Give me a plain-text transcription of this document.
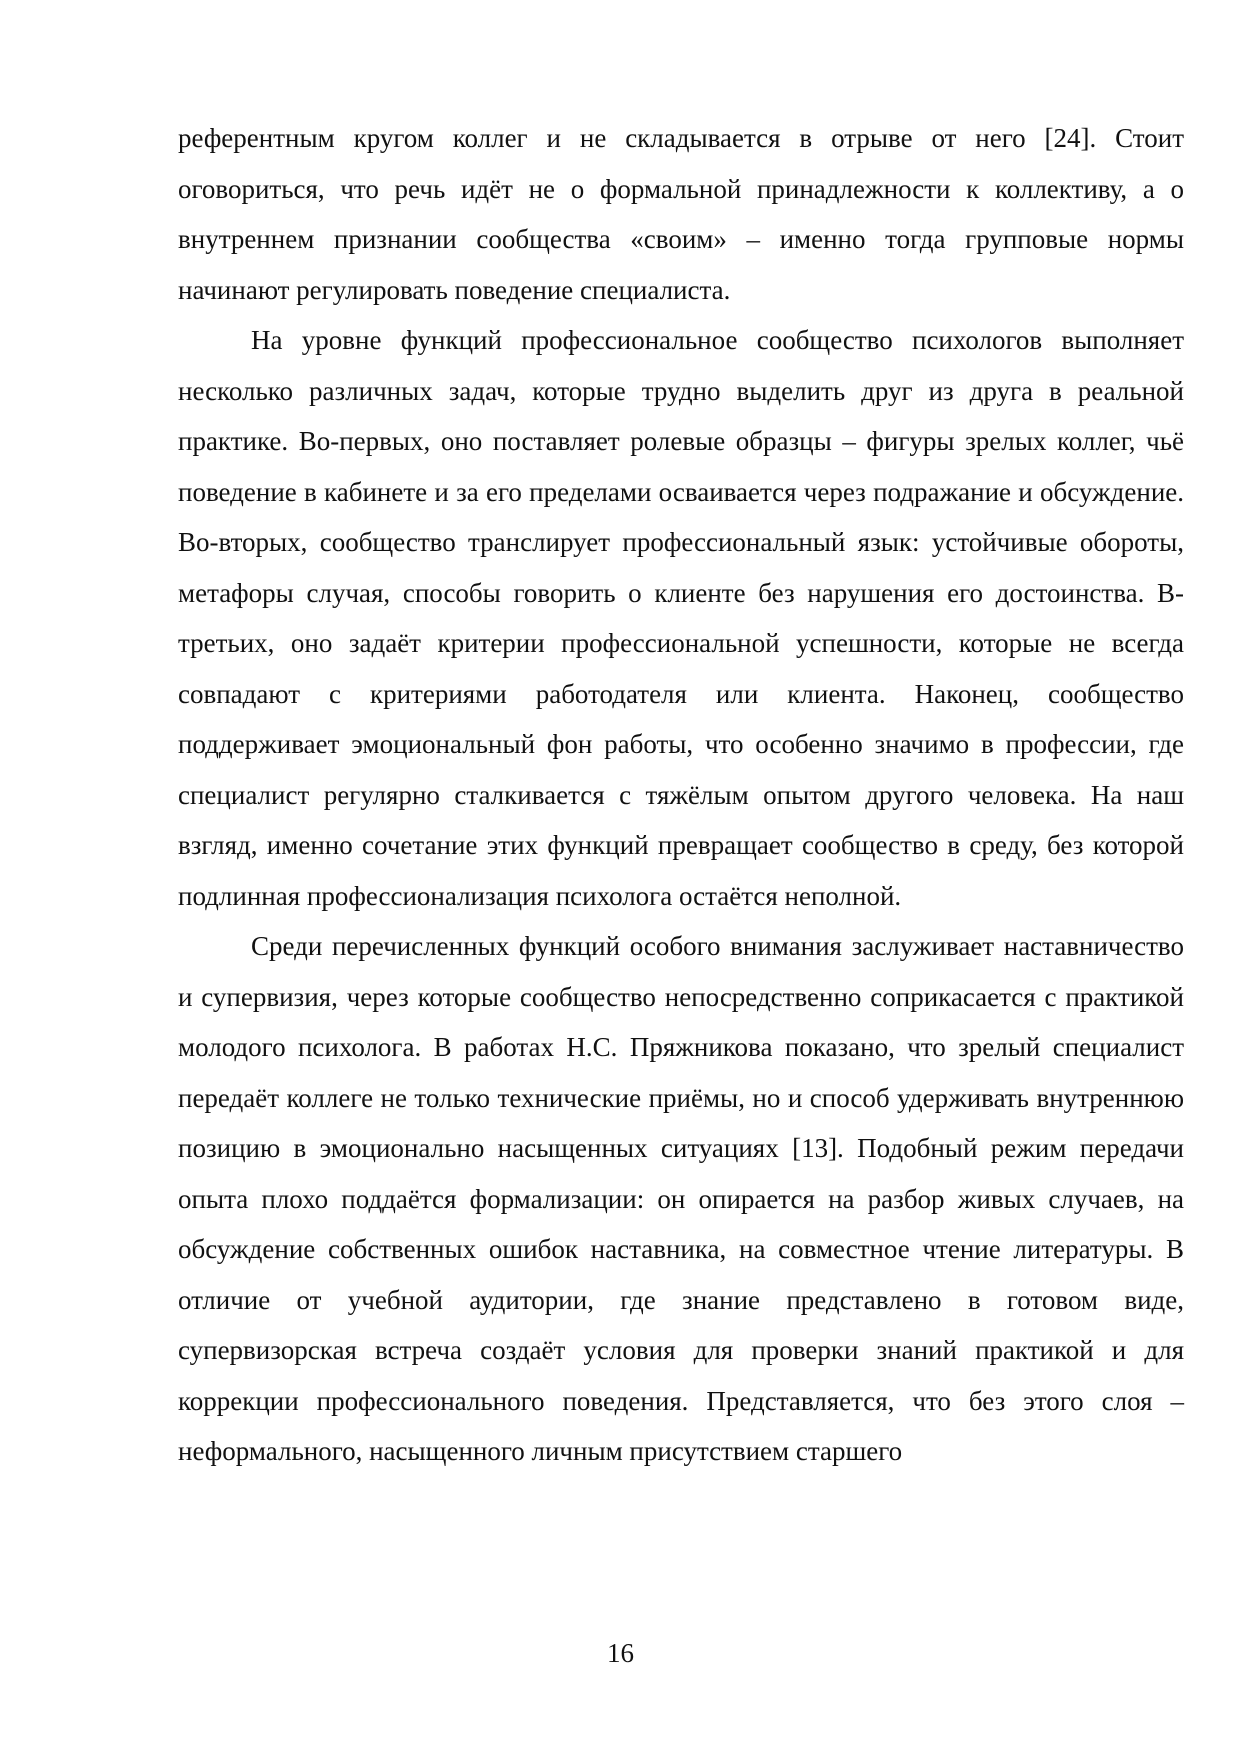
референтным кругом коллег и не складывается в отрыве от него [24]. Стоит оговориться, что речь идёт не о формальной принадлежности к коллективу, а о внутреннем признании сообщества «своим» – именно тогда групповые нормы начинают регулировать поведение специалиста.

На уровне функций профессиональное сообщество психологов выполняет несколько различных задач, которые трудно выделить друг из друга в реальной практике. Во-первых, оно поставляет ролевые образцы – фигуры зрелых коллег, чьё поведение в кабинете и за его пределами осваивается через подражание и обсуждение. Во-вторых, сообщество транслирует профессиональный язык: устойчивые обороты, метафоры случая, способы говорить о клиенте без нарушения его достоинства. В-третьих, оно задаёт критерии профессиональной успешности, которые не всегда совпадают с критериями работодателя или клиента. Наконец, сообщество поддерживает эмоциональный фон работы, что особенно значимо в профессии, где специалист регулярно сталкивается с тяжёлым опытом другого человека. На наш взгляд, именно сочетание этих функций превращает сообщество в среду, без которой подлинная профессионализация психолога остаётся неполной.

Среди перечисленных функций особого внимания заслуживает наставничество и супервизия, через которые сообщество непосредственно соприкасается с практикой молодого психолога. В работах Н.С. Пряжникова показано, что зрелый специалист передаёт коллеге не только технические приёмы, но и способ удерживать внутреннюю позицию в эмоционально насыщенных ситуациях [13]. Подобный режим передачи опыта плохо поддаётся формализации: он опирается на разбор живых случаев, на обсуждение собственных ошибок наставника, на совместное чтение литературы. В отличие от учебной аудитории, где знание представлено в готовом виде, супервизорская встреча создаёт условия для проверки знаний практикой и для коррекции профессионального поведения. Представляется, что без этого слоя – неформального, насыщенного личным присутствием старшего

16
